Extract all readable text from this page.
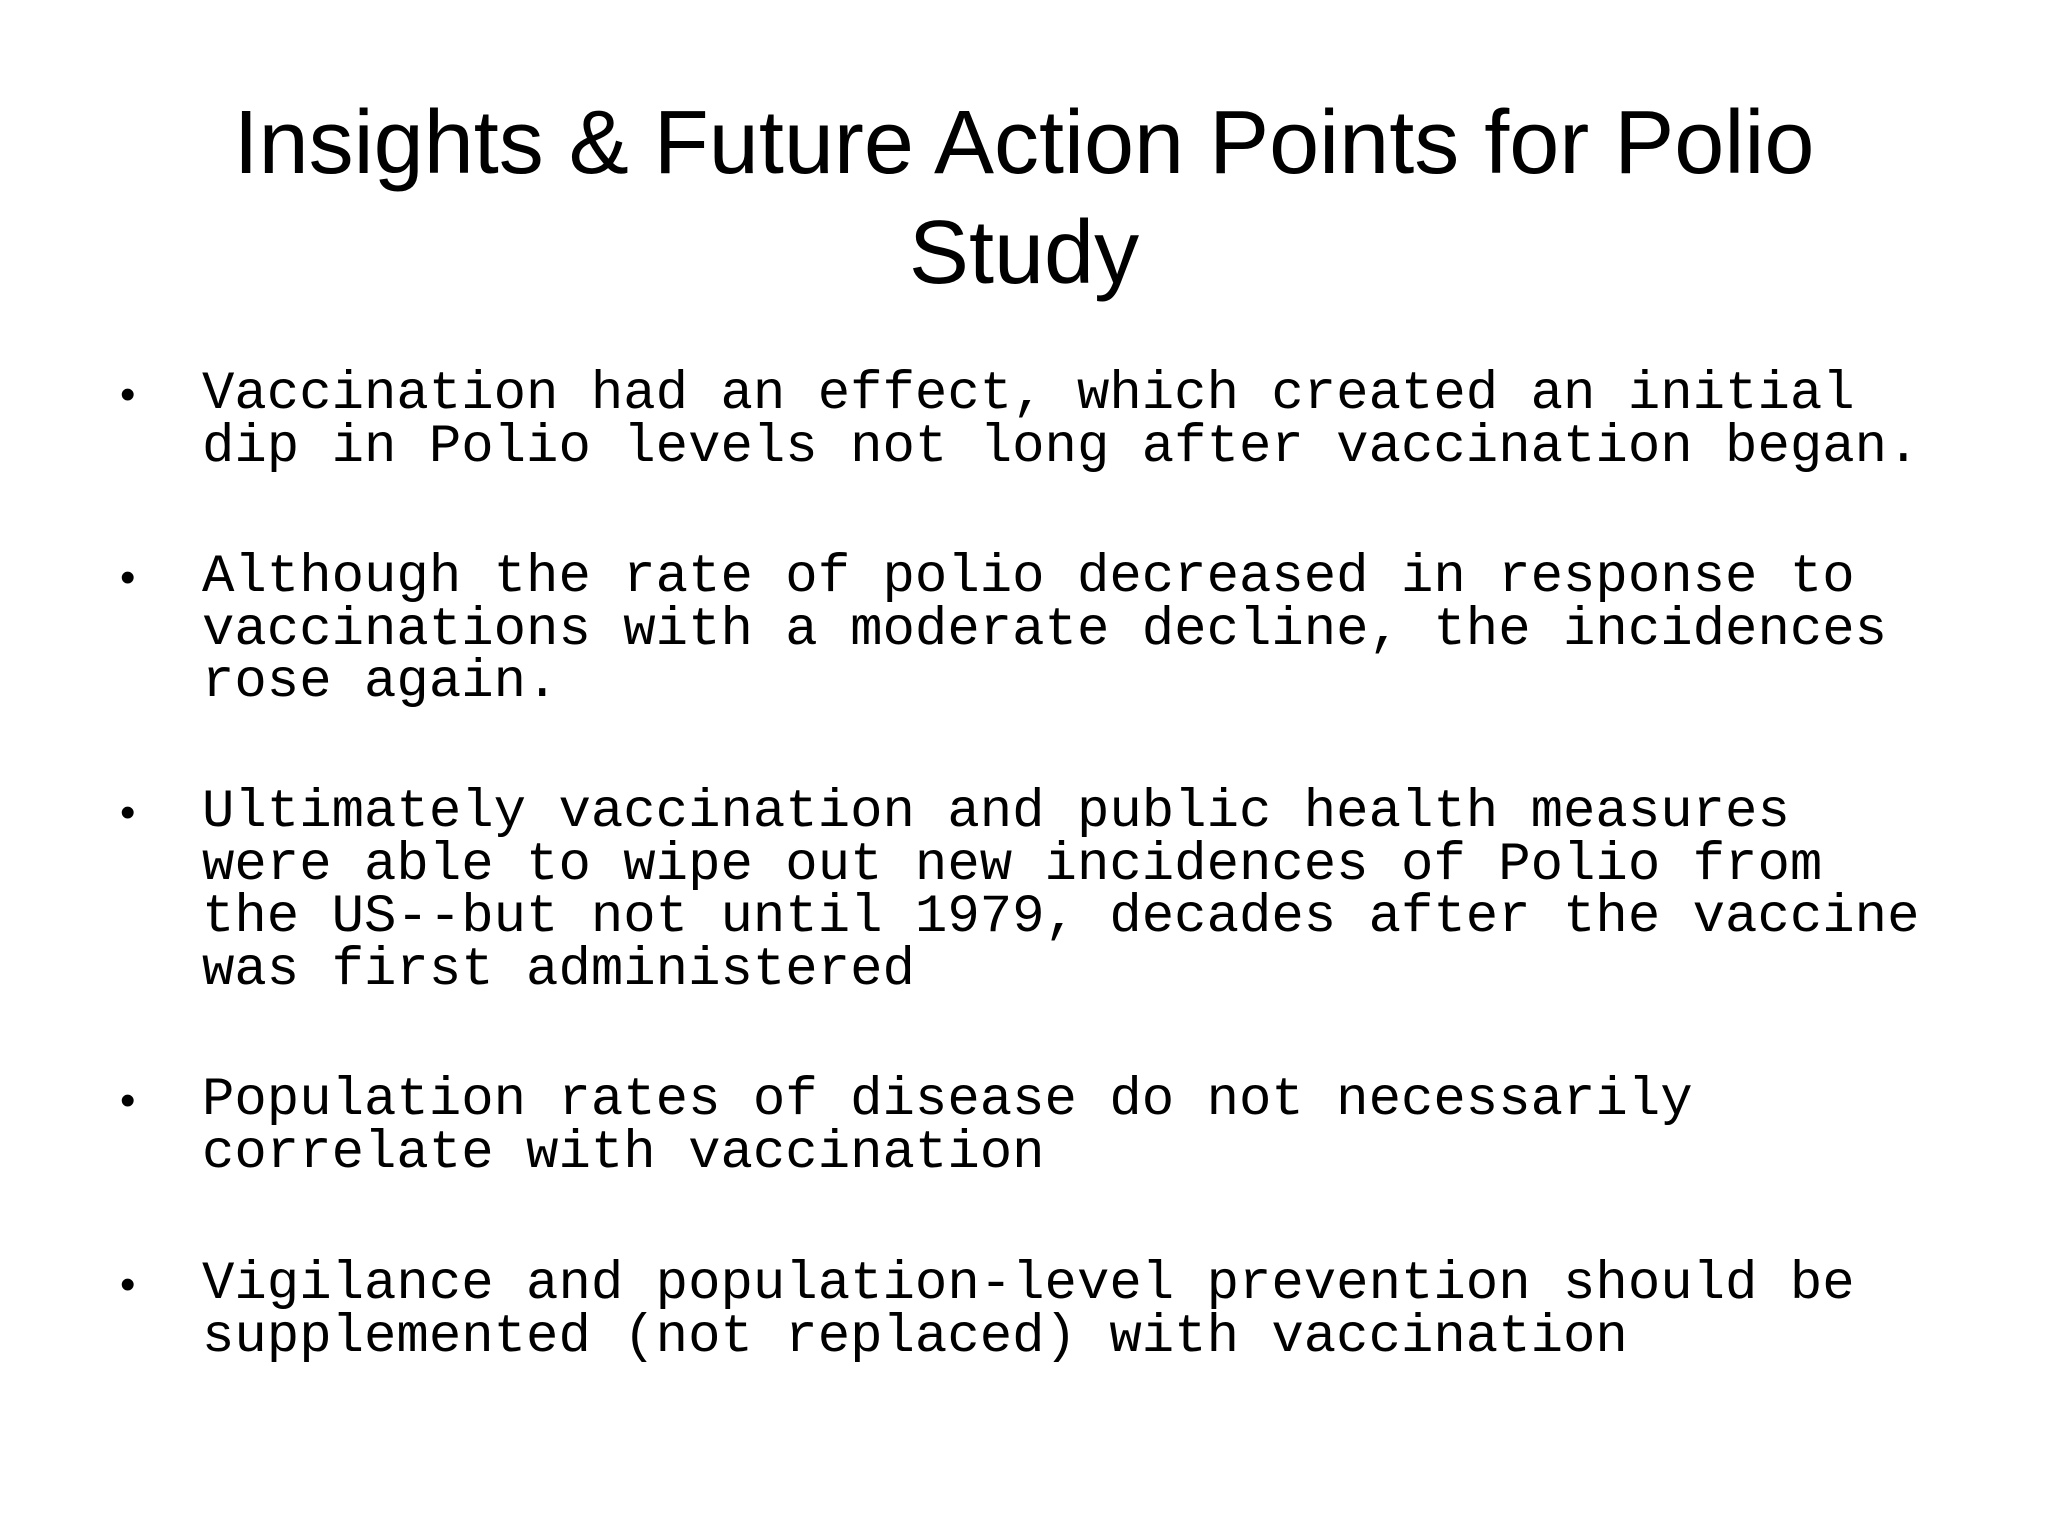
Insights & Future Action Points for Polio
Study
• Vaccination had an effect, which created an initial
dip in Polio levels not long after vaccination began.
• Although the rate of polio decreased in response to
vaccinations with a moderate decline, the incidences
rose again.
• Ultimately vaccination and public health measures
were able to wipe out new incidences of Polio from
the US--but not until 1979, decades after the vaccine
was first administered
• Population rates of disease do not necessarily
correlate with vaccination
• Vigilance and population-level prevention should be
supplemented (not replaced) with vaccination
